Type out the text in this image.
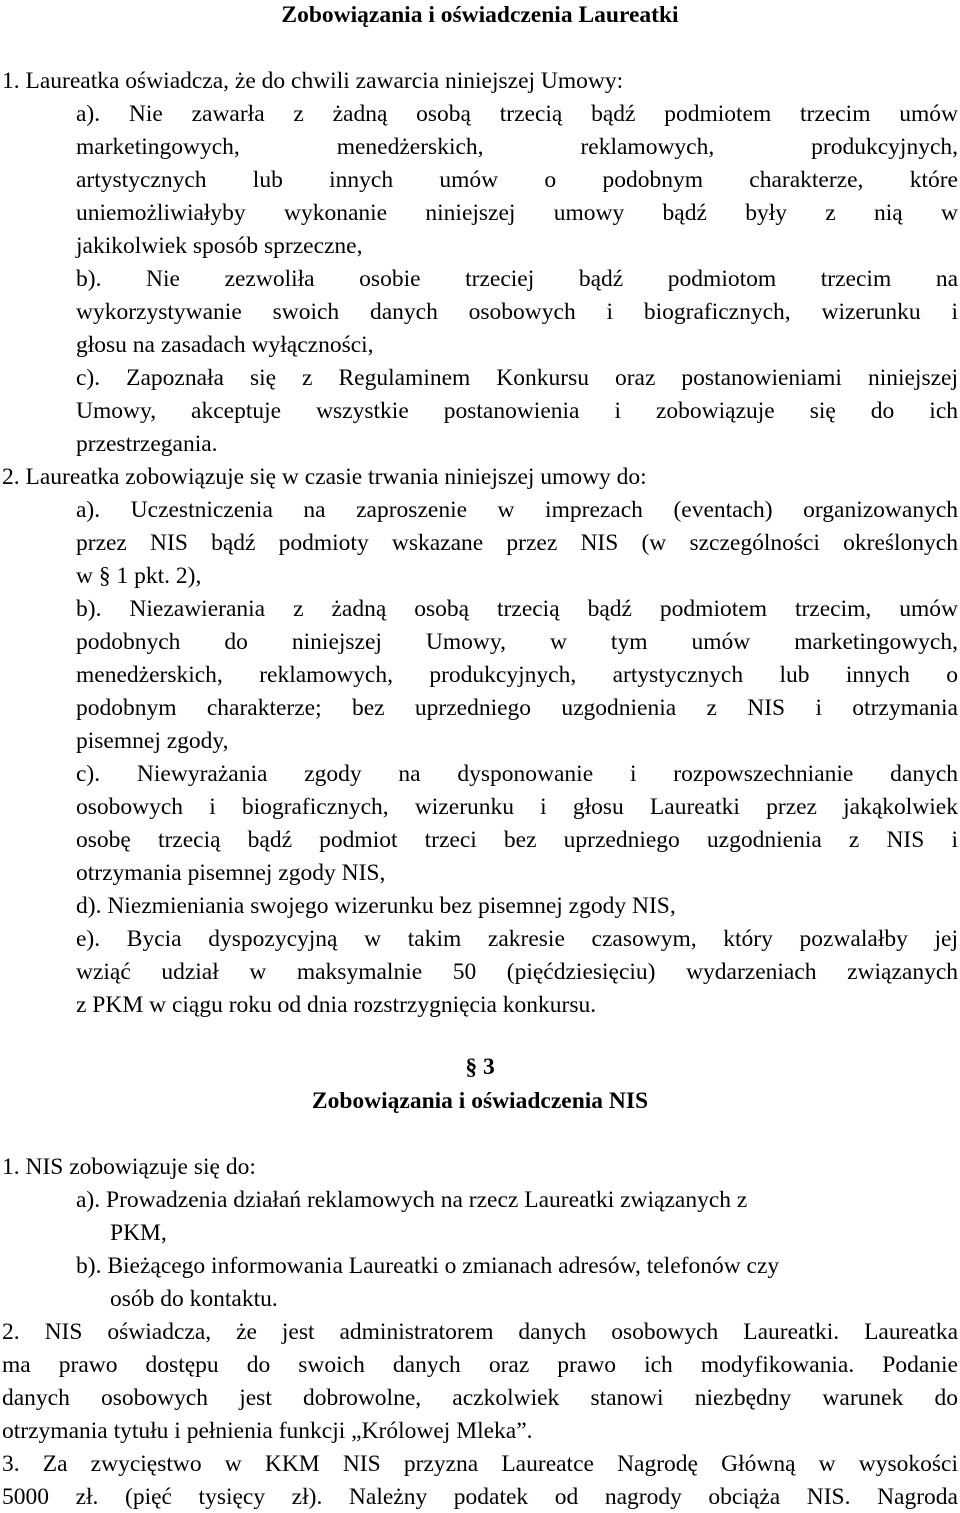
Zobowiązania i oświadczenia Laureatki
1. Laureatka oświadcza, że do chwili zawarcia niniejszej Umowy:
a). Nie zawarła z żadną osobą trzecią bądź podmiotem trzecim umów
marketingowych, menedżerskich, reklamowych, produkcyjnych,
artystycznych lub innych umów o podobnym charakterze, które
uniemożliwiałyby wykonanie niniejszej umowy bądź były z nią w
jakikolwiek sposób sprzeczne,
b). Nie zezwoliła osobie trzeciej bądź podmiotom trzecim na
wykorzystywanie swoich danych osobowych i biograficznych, wizerunku i
głosu na zasadach wyłączności,
c). Zapoznała się z Regulaminem Konkursu oraz postanowieniami niniejszej
Umowy, akceptuje wszystkie postanowienia i zobowiązuje się do ich
przestrzegania.
2. Laureatka zobowiązuje się w czasie trwania niniejszej umowy do:
a). Uczestniczenia na zaproszenie w imprezach (eventach) organizowanych
przez NIS bądź podmioty wskazane przez NIS (w szczególności określonych
w § 1 pkt. 2),
b). Niezawierania z żadną osobą trzecią bądź podmiotem trzecim, umów
podobnych do niniejszej Umowy, w tym umów marketingowych,
menedżerskich, reklamowych, produkcyjnych, artystycznych lub innych o
podobnym charakterze; bez uprzedniego uzgodnienia z NIS i otrzymania
pisemnej zgody,
c). Niewyrażania zgody na dysponowanie i rozpowszechnianie danych
osobowych i biograficznych, wizerunku i głosu Laureatki przez jakąkolwiek
osobę trzecią bądź podmiot trzeci bez uprzedniego uzgodnienia z NIS i
otrzymania pisemnej zgody NIS,
d). Niezmieniania swojego wizerunku bez pisemnej zgody NIS,
e). Bycia dyspozycyjną w takim zakresie czasowym, który pozwalałby jej
wziąć udział w maksymalnie 50 (pięćdziesięciu) wydarzeniach związanych
z PKM w ciągu roku od dnia rozstrzygnięcia konkursu.
§ 3
Zobowiązania i oświadczenia NIS
1. NIS zobowiązuje się do:
a). Prowadzenia działań reklamowych na rzecz Laureatki związanych z
PKM,
b). Bieżącego informowania Laureatki o zmianach adresów, telefonów czy
osób do kontaktu.
2. NIS oświadcza, że jest administratorem danych osobowych Laureatki. Laureatka
ma prawo dostępu do swoich danych oraz prawo ich modyfikowania. Podanie
danych osobowych jest dobrowolne, aczkolwiek stanowi niezbędny warunek do
otrzymania tytułu i pełnienia funkcji „Królowej Mleka”.
3. Za zwycięstwo w KKM NIS przyzna Laureatce Nagrodę Główną w wysokości
5000 zł. (pięć tysięcy zł). Należny podatek od nagrody obciąża NIS. Nagroda
